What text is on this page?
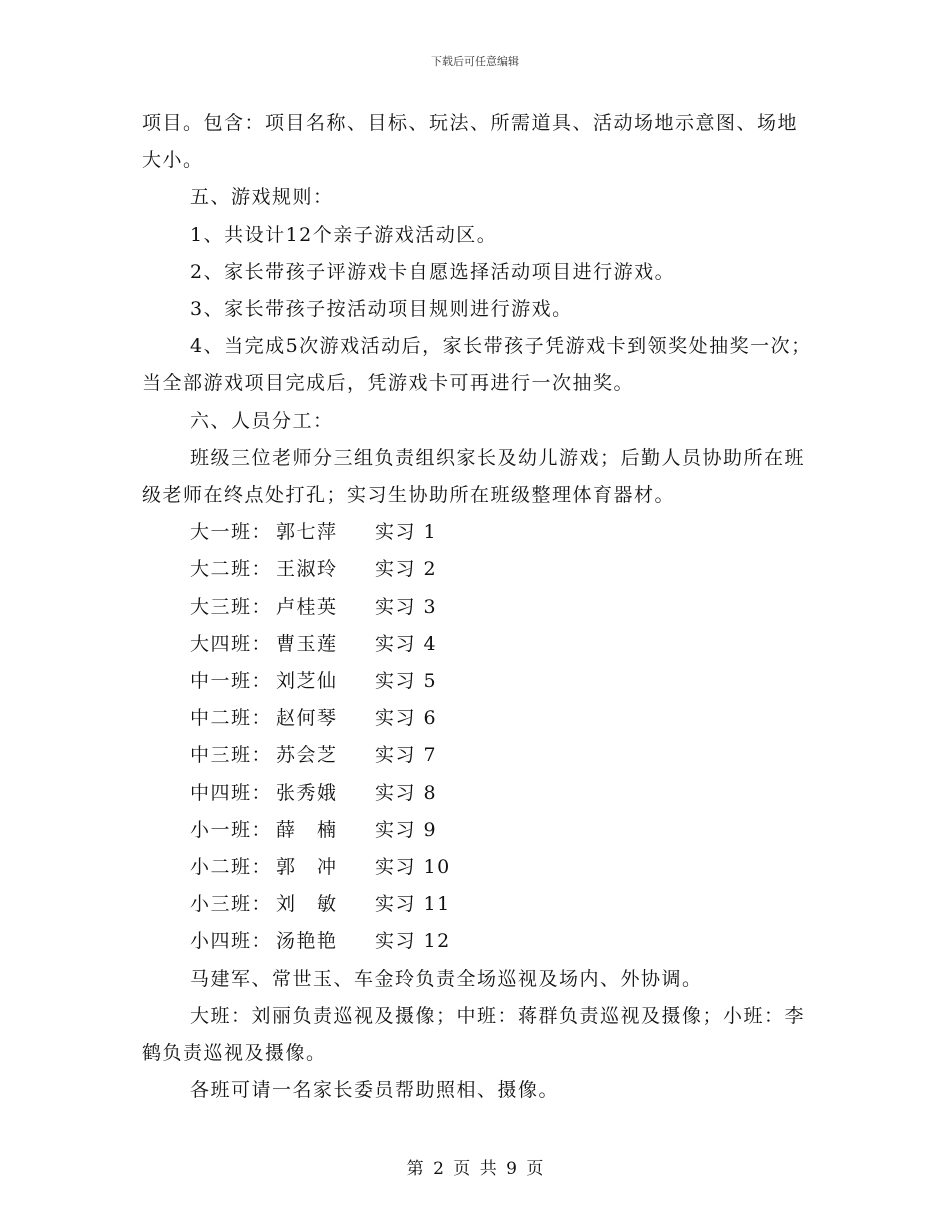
下载后可任意编辑

项目。包含：项目名称、目标、玩法、所需道具、活动场地示意图、场地大小。

五、游戏规则：

1、共设计12个亲子游戏活动区。

2、家长带孩子评游戏卡自愿选择活动项目进行游戏。

3、家长带孩子按活动项目规则进行游戏。

4、当完成5次游戏活动后，家长带孩子凭游戏卡到领奖处抽奖一次；当全部游戏项目完成后，凭游戏卡可再进行一次抽奖。

六、人员分工：

班级三位老师分三组负责组织家长及幼儿游戏；后勤人员协助所在班级老师在终点处打孔；实习生协助所在班级整理体育器材。

大一班： 郭七萍 实习 1

大二班： 王淑玲 实习 2

大三班： 卢桂英 实习 3

大四班： 曹玉莲 实习 4

中一班： 刘芝仙 实习 5

中二班： 赵何琴 实习 6

中三班： 苏会芝 实习 7

中四班： 张秀娥 实习 8

小一班： 薛　楠 实习 9

小二班： 郭　冲 实习 10

小三班： 刘　敏 实习 11

小四班： 汤艳艳 实习 12

马建军、常世玉、车金玲负责全场巡视及场内、外协调。

大班：刘丽负责巡视及摄像；中班：蒋群负责巡视及摄像；小班：李鹤负责巡视及摄像。

各班可请一名家长委员帮助照相、摄像。

第 2 页 共 9 页
